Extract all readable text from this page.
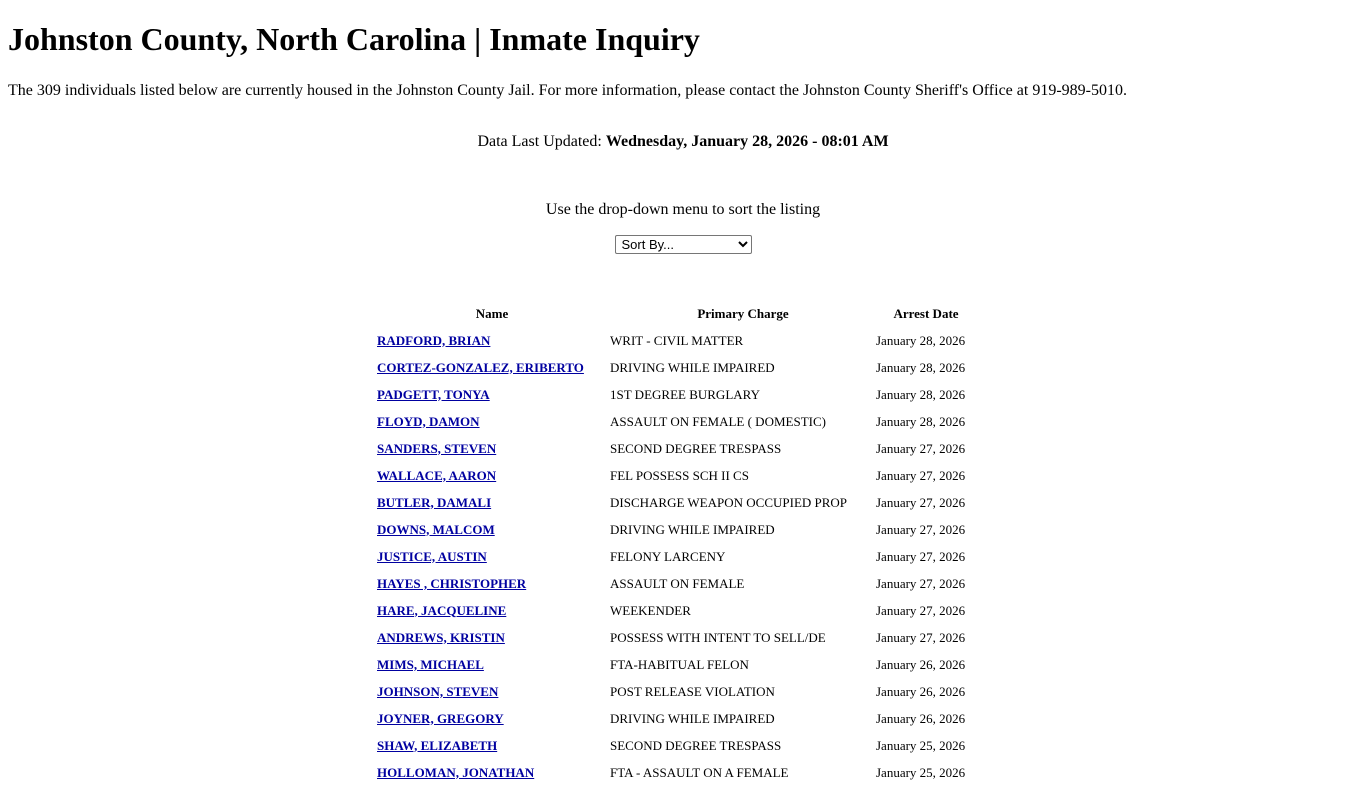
Johnston County, North Carolina | Inmate Inquiry

The 309 individuals listed below are currently housed in the Johnston County Jail. For more information, please contact the Johnston County Sheriff's Office at 919-989-5010.

Data Last Updated: Wednesday, January 28, 2026 - 08:01 AM

Use the drop-down menu to sort the listing

Sort By...
Name	Primary Charge	Arrest Date
RADFORD, BRIAN	WRIT - CIVIL MATTER	January 28, 2026
CORTEZ-GONZALEZ, ERIBERTO	DRIVING WHILE IMPAIRED	January 28, 2026
PADGETT, TONYA	1ST DEGREE BURGLARY	January 28, 2026
FLOYD, DAMON	ASSAULT ON FEMALE ( DOMESTIC)	January 28, 2026
SANDERS, STEVEN	SECOND DEGREE TRESPASS	January 27, 2026
WALLACE, AARON	FEL POSSESS SCH II CS	January 27, 2026
BUTLER, DAMALI	DISCHARGE WEAPON OCCUPIED PROP	January 27, 2026
DOWNS, MALCOM	DRIVING WHILE IMPAIRED	January 27, 2026
JUSTICE, AUSTIN	FELONY LARCENY	January 27, 2026
HAYES , CHRISTOPHER	ASSAULT ON FEMALE	January 27, 2026
HARE, JACQUELINE	WEEKENDER	January 27, 2026
ANDREWS, KRISTIN	POSSESS WITH INTENT TO SELL/DE	January 27, 2026
MIMS, MICHAEL	FTA-HABITUAL FELON	January 26, 2026
JOHNSON, STEVEN	POST RELEASE VIOLATION	January 26, 2026
JOYNER, GREGORY	DRIVING WHILE IMPAIRED	January 26, 2026
SHAW, ELIZABETH	SECOND DEGREE TRESPASS	January 25, 2026
HOLLOMAN, JONATHAN	FTA - ASSAULT ON A FEMALE	January 25, 2026
